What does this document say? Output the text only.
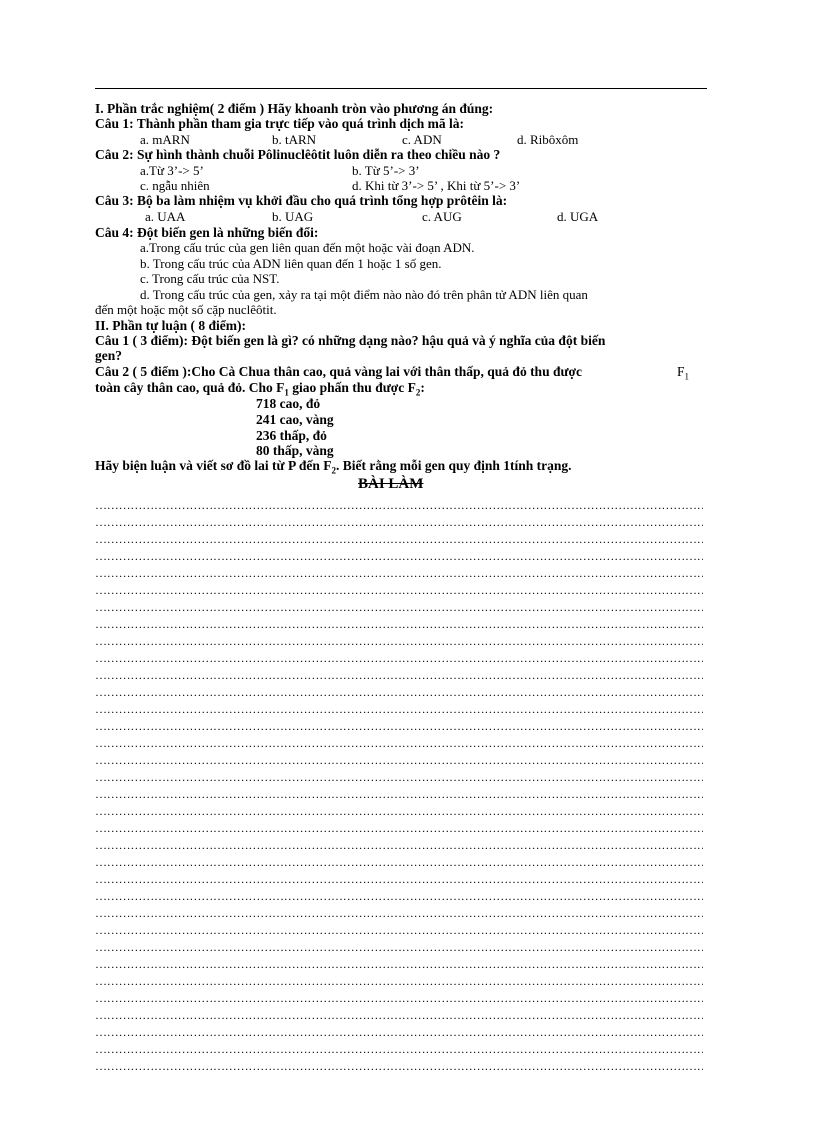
I. Phần trắc nghiệm( 2 điểm ) Hãy khoanh tròn vào phương án đúng:
Câu 1: Thành phần tham gia trực tiếp vào quá trình dịch mã là:
a. mARN	b. tARN	c. ADN	d. Ribôxôm
Câu 2: Sự hình thành chuỗi Pôlinuclêôtit luôn diễn ra theo chiều nào ?
a.Từ 3’-> 5’	b. Từ 5’-> 3’
c. ngẫu nhiên	d. Khi từ 3’-> 5’ , Khi từ 5’-> 3’
Câu 3: Bộ ba làm nhiệm vụ khởi đầu cho quá trình tổng hợp prôtêin là:
a. UAA	b. UAG	c. AUG	d. UGA
Câu 4: Đột biến gen là những biến đổi:
a.Trong cấu trúc của gen liên quan đến một hoặc vài đoạn ADN.
b. Trong cấu trúc của ADN liên quan đến 1 hoặc 1 số gen.
c. Trong cấu trúc của NST.
d. Trong cấu trúc của gen, xảy ra tại một điểm nào nào đó trên phân tử ADN liên quan
đến một hoặc một số cặp nuclêôtit.
II. Phần tự luận ( 8 điểm):
Câu 1 ( 3 điểm): Đột biến gen là gì? có những dạng nào? hậu quả và ý nghĩa của đột biến
gen?
Câu 2 ( 5 điểm ):Cho Cà Chua thân cao, quả vàng lai với thân thấp, quả đỏ thu được	$F_1$
toàn cây thân cao, quả đỏ. Cho $F_1$ giao phấn thu được $F_2$:
718 cao, đỏ
241 cao, vàng
236 thấp, đỏ
80 thấp, vàng
Hãy biện luận và viết sơ đồ lai từ P đến $F_2$. Biết rằng mỗi gen quy định 1tính trạng.
BÀI LÀM
……………………………………………………………………………………………………………………………………………………………………………
……………………………………………………………………………………………………………………………………………………………………………
……………………………………………………………………………………………………………………………………………………………………………
……………………………………………………………………………………………………………………………………………………………………………
……………………………………………………………………………………………………………………………………………………………………………
……………………………………………………………………………………………………………………………………………………………………………
……………………………………………………………………………………………………………………………………………………………………………
……………………………………………………………………………………………………………………………………………………………………………
……………………………………………………………………………………………………………………………………………………………………………
……………………………………………………………………………………………………………………………………………………………………………
……………………………………………………………………………………………………………………………………………………………………………
……………………………………………………………………………………………………………………………………………………………………………
……………………………………………………………………………………………………………………………………………………………………………
……………………………………………………………………………………………………………………………………………………………………………
……………………………………………………………………………………………………………………………………………………………………………
……………………………………………………………………………………………………………………………………………………………………………
……………………………………………………………………………………………………………………………………………………………………………
……………………………………………………………………………………………………………………………………………………………………………
……………………………………………………………………………………………………………………………………………………………………………
……………………………………………………………………………………………………………………………………………………………………………
……………………………………………………………………………………………………………………………………………………………………………
……………………………………………………………………………………………………………………………………………………………………………
……………………………………………………………………………………………………………………………………………………………………………
……………………………………………………………………………………………………………………………………………………………………………
……………………………………………………………………………………………………………………………………………………………………………
……………………………………………………………………………………………………………………………………………………………………………
……………………………………………………………………………………………………………………………………………………………………………
……………………………………………………………………………………………………………………………………………………………………………
……………………………………………………………………………………………………………………………………………………………………………
……………………………………………………………………………………………………………………………………………………………………………
……………………………………………………………………………………………………………………………………………………………………………
……………………………………………………………………………………………………………………………………………………………………………
……………………………………………………………………………………………………………………………………………………………………………
……………………………………………………………………………………………………………………………………………………………………………
